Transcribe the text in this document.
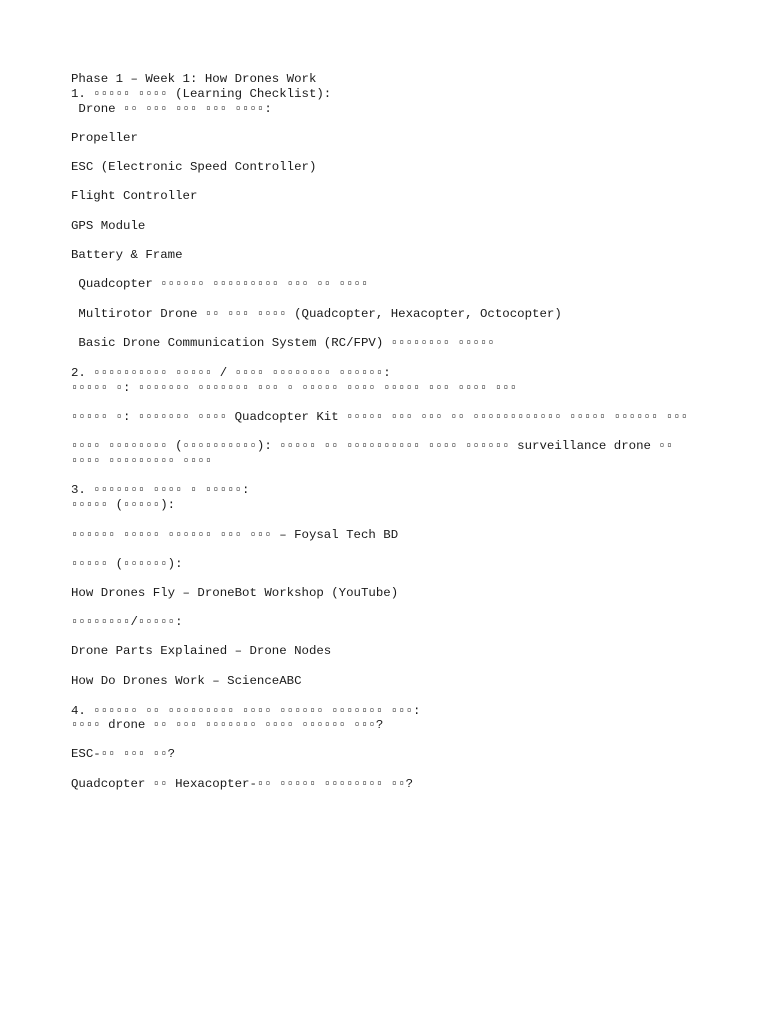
Phase 1 – Week 1: How Drones Work
1. ▫▫▫▫▫ ▫▫▫▫ (Learning Checklist):
Drone ▫▫ ▫▫▫ ▫▫▫ ▫▫▫ ▫▫▫▫:
Propeller
ESC (Electronic Speed Controller)
Flight Controller
GPS Module
Battery & Frame
Quadcopter ▫▫▫▫▫▫ ▫▫▫▫▫▫▫▫▫ ▫▫▫ ▫▫ ▫▫▫▫
Multirotor Drone ▫▫ ▫▫▫ ▫▫▫▫ (Quadcopter, Hexacopter, Octocopter)
Basic Drone Communication System (RC/FPV) ▫▫▫▫▫▫▫▫ ▫▫▫▫▫
2. ▫▫▫▫▫▫▫▫▫▫ ▫▫▫▫▫ / ▫▫▫▫ ▫▫▫▫▫▫▫▫ ▫▫▫▫▫▫:
▫▫▫▫▫ ▫: ▫▫▫▫▫▫▫ ▫▫▫▫▫▫▫ ▫▫▫ ▫ ▫▫▫▫▫ ▫▫▫▫ ▫▫▫▫▫ ▫▫▫ ▫▫▫▫ ▫▫▫
▫▫▫▫▫ ▫: ▫▫▫▫▫▫▫ ▫▫▫▫ Quadcopter Kit ▫▫▫▫▫ ▫▫▫ ▫▫▫ ▫▫ ▫▫▫▫▫▫▫▫▫▫▫▫ ▫▫▫▫▫ ▫▫▫▫▫▫ ▫▫▫
▫▫▫▫ ▫▫▫▫▫▫▫▫ (▫▫▫▫▫▫▫▫▫▫): ▫▫▫▫▫ ▫▫ ▫▫▫▫▫▫▫▫▫▫ ▫▫▫▫ ▫▫▫▫▫▫ surveillance drone ▫▫
▫▫▫▫ ▫▫▫▫▫▫▫▫▫ ▫▫▫▫
3. ▫▫▫▫▫▫▫ ▫▫▫▫ ▫ ▫▫▫▫▫:
▫▫▫▫▫ (▫▫▫▫▫):
▫▫▫▫▫▫ ▫▫▫▫▫ ▫▫▫▫▫▫ ▫▫▫ ▫▫▫ – Foysal Tech BD
▫▫▫▫▫ (▫▫▫▫▫▫):
How Drones Fly – DroneBot Workshop (YouTube)
▫▫▫▫▫▫▫▫/▫▫▫▫▫:
Drone Parts Explained – Drone Nodes
How Do Drones Work – ScienceABC
4. ▫▫▫▫▫▫ ▫▫ ▫▫▫▫▫▫▫▫▫ ▫▫▫▫ ▫▫▫▫▫▫ ▫▫▫▫▫▫▫ ▫▫▫:
▫▫▫▫ drone ▫▫ ▫▫▫ ▫▫▫▫▫▫▫ ▫▫▫▫ ▫▫▫▫▫▫ ▫▫▫?
ESC-▫▫ ▫▫▫ ▫▫?
Quadcopter ▫▫ Hexacopter-▫▫ ▫▫▫▫▫ ▫▫▫▫▫▫▫▫ ▫▫?
